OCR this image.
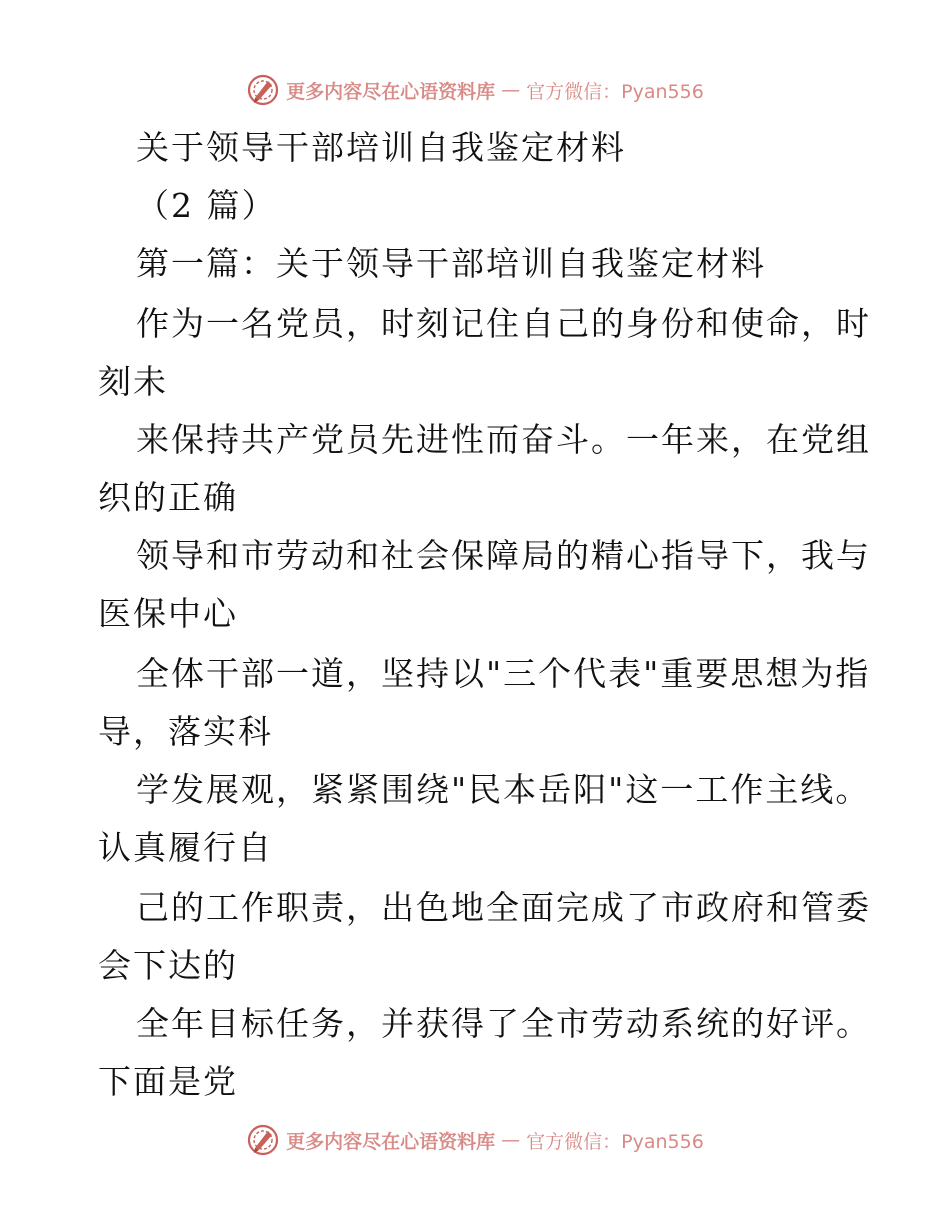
更多内容尽在心语资料库 — 官方微信：Pyan556
关于领导干部培训自我鉴定材料
（2 篇）
第一篇：关于领导干部培训自我鉴定材料
作为一名党员，时刻记住自己的身份和使命，时
刻未
来保持共产党员先进性而奋斗。一年来，在党组
织的正确
领导和市劳动和社会保障局的精心指导下，我与
医保中心
全体干部一道，坚持以"三个代表"重要思想为指
导，落实科
学发展观，紧紧围绕"民本岳阳"这一工作主线。
认真履行自
己的工作职责，出色地全面完成了市政府和管委
会下达的
全年目标任务，并获得了全市劳动系统的好评。
下面是党
更多内容尽在心语资料库 — 官方微信：Pyan556
